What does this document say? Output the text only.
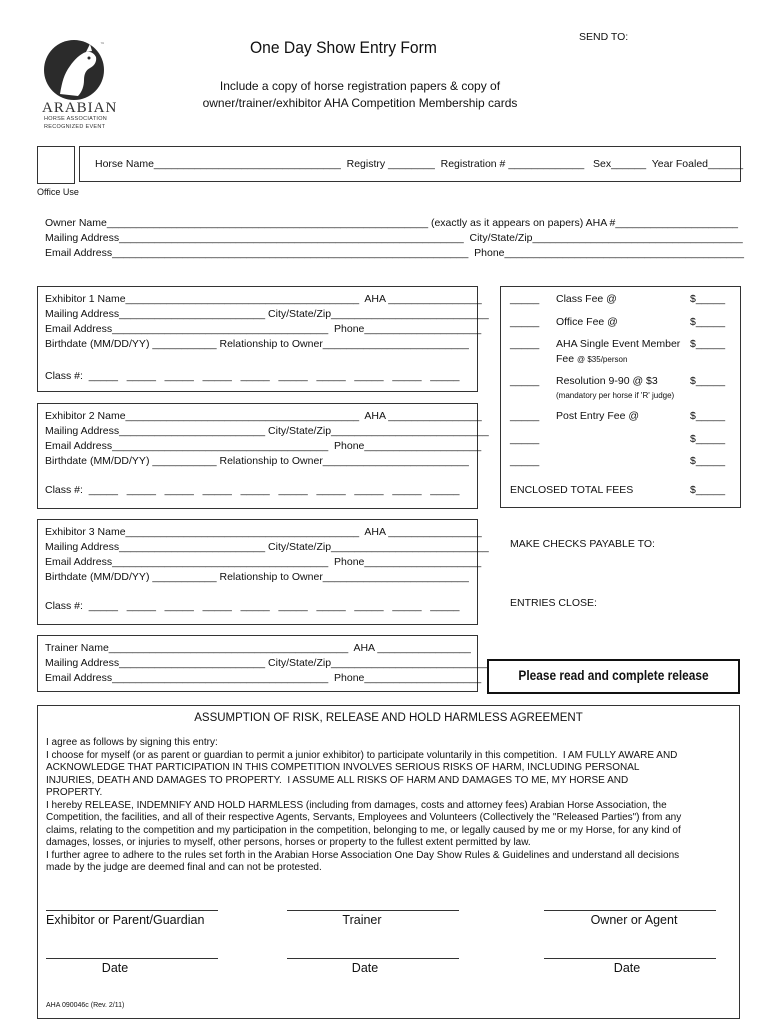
™
ARABIAN
HORSE ASSOCIATION
RECOGNIZED EVENT
SEND TO:
One Day Show Entry Form
Include a copy of horse registration papers & copy of
owner/trainer/exhibitor AHA Competition Membership cards
Horse Name________________________________  Registry ________  Registration # _____________   Sex______  Year Foaled______
Office Use
Owner Name_______________________________________________________ (exactly as it appears on papers) AHA #_____________________
Mailing Address___________________________________________________________  City/State/Zip____________________________________
Email Address_____________________________________________________________  Phone_________________________________________
Exhibitor 1 Name________________________________________  AHA ________________
Mailing Address_________________________ City/State/Zip___________________________
Email Address_____________________________________  Phone____________________
Birthdate (MM/DD/YY) ___________ Relationship to Owner_________________________
Class #:  _____   _____   _____   _____   _____   _____   _____   _____   _____   _____
Exhibitor 2 Name________________________________________  AHA ________________
Mailing Address_________________________ City/State/Zip___________________________
Email Address_____________________________________  Phone____________________
Birthdate (MM/DD/YY) ___________ Relationship to Owner_________________________
Class #:  _____   _____   _____   _____   _____   _____   _____   _____   _____   _____
Exhibitor 3 Name________________________________________  AHA ________________
Mailing Address_________________________ City/State/Zip___________________________
Email Address_____________________________________  Phone____________________
Birthdate (MM/DD/YY) ___________ Relationship to Owner_________________________
Class #:  _____   _____   _____   _____   _____   _____   _____   _____   _____   _____
Trainer Name_________________________________________  AHA ________________
Mailing Address_________________________ City/State/Zip___________________________
Email Address_____________________________________  Phone____________________
_____ Class Fee @	$_____
_____ Office Fee @	$_____
_____ AHA Single Event Member $_____
Fee @ $35/person
_____ Resolution 9-90 @ $3	$_____
(mandatory per horse if 'R' judge)
_____ Post Entry Fee @	$_____
_____	$_____
_____	$_____
ENCLOSED TOTAL FEES	$_____
MAKE CHECKS PAYABLE TO:
ENTRIES CLOSE:
Please read and complete release
ASSUMPTION OF RISK, RELEASE AND HOLD HARMLESS AGREEMENT
I agree as follows by signing this entry:
I choose for myself (or as parent or guardian to permit a junior exhibitor) to participate voluntarily in this competition.  I AM FULLY AWARE AND
ACKNOWLEDGE THAT PARTICIPATION IN THIS COMPETITION INVOLVES SERIOUS RISKS OF HARM, INCLUDING PERSONAL
INJURIES, DEATH AND DAMAGES TO PROPERTY.  I ASSUME ALL RISKS OF HARM AND DAMAGES TO ME, MY HORSE AND
PROPERTY.
I hereby RELEASE, INDEMNIFY AND HOLD HARMLESS (including from damages, costs and attorney fees) Arabian Horse Association, the
Competition, the facilities, and all of their respective Agents, Servants, Employees and Volunteers (Collectively the "Released Parties") from any
claims, relating to the competition and my participation in the competition, belonging to me, or legally caused by me or my Horse, for any kind of
damages, losses, or injuries to myself, other persons, horses or property to the fullest extent permitted by law.
I further agree to adhere to the rules set forth in the Arabian Horse Association One Day Show Rules & Guidelines and understand all decisions
made by the judge are deemed final and can not be protested.
Exhibitor or Parent/Guardian	Trainer	Owner or Agent
Date	Date	Date
AHA 090046c (Rev. 2/11)
